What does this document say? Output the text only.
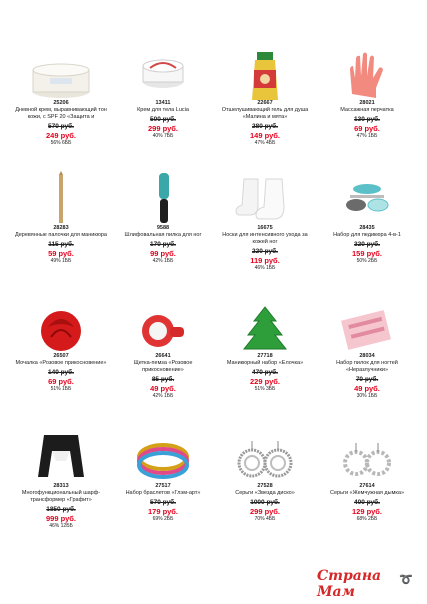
25206
Дневной крем, выравнивающий тон кожи, с SPF 20 «Защита и
570 руб.
249 руб.
56% 6ББ
13411
Крем для тела Lucia
500 руб.
299 руб.
40% 7ББ
22667
Отшелушивающий гель для душа «Малина и мята»
280 руб.
149 руб.
47% 4ББ
28021
Массажная перчатка
130 руб.
69 руб.
47% 1ББ
28283
Деревянные палочки для маникюра
115 руб.
59 руб.
49% 1ББ
9588
Шлифовальная пилка для ног
170 руб.
99 руб.
42% 1ББ
16675
Носки для интенсивного ухода за кожей ног
220 руб.
119 руб.
46% 1ББ
28435
Набор для педикюра 4-в-1
320 руб.
159 руб.
50% 2ББ
26507
Мочалка «Розовое прикосновение»
140 руб.
69 руб.
51% 1ББ
26641
Щетка-пемза «Розовое прикосновение»
85 руб.
49 руб.
42% 1ББ
27718
Маникюрный набор «Елочка»
470 руб.
229 руб.
51% 3ББ
28034
Набор пилок для ногтей «Неразлучники»
70 руб.
49 руб.
30% 1ББ
28313
Многофункциональный шарф-трансформер «Графит»
1850 руб.
999 руб.
46% 12ББ
27517
Набор браслетов «Глэм-арт»
570 руб.
179 руб.
69% 2ББ
27528
Серьги «Звезда диско»
1000 руб.
299 руб.
70% 4ББ
27614
Серьги «Жемчужная дымка»
400 руб.
129 руб.
68% 2ББ
➰
Страна Мам
